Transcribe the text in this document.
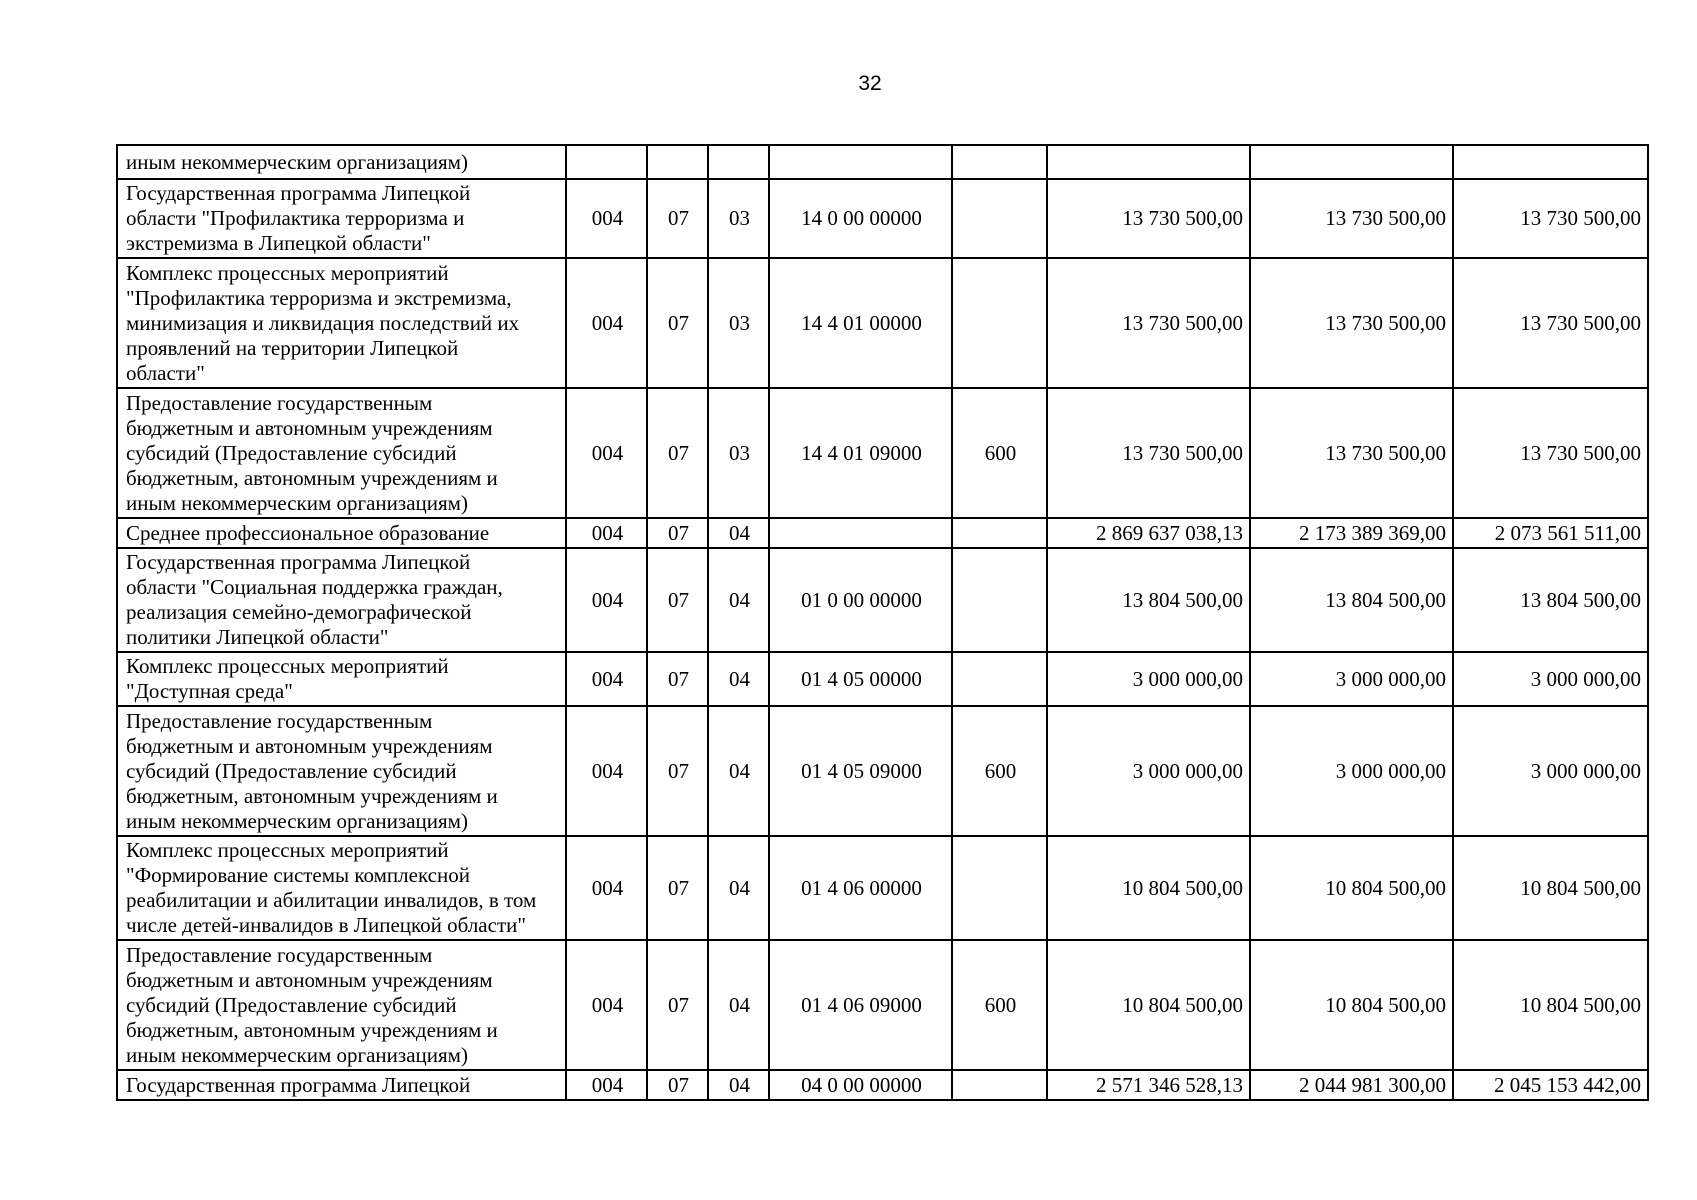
32
иным некоммерческим организациям)								

Государственная программа Липецкой
области "Профилактика терроризма и
экстремизма в Липецкой области"	004	07	03	14 0 00 00000		13 730 500,00	13 730 500,00	13 730 500,00

Комплекс процессных мероприятий
"Профилактика терроризма и экстремизма,
минимизация и ликвидация последствий их
проявлений на территории Липецкой
области"	004	07	03	14 4 01 00000		13 730 500,00	13 730 500,00	13 730 500,00

Предоставление государственным
бюджетным и автономным учреждениям
субсидий (Предоставление субсидий
бюджетным, автономным учреждениям и
иным некоммерческим организациям)	004	07	03	14 4 01 09000	600	13 730 500,00	13 730 500,00	13 730 500,00

Среднее профессиональное образование	004	07	04			2 869 637 038,13	2 173 389 369,00	2 073 561 511,00

Государственная программа Липецкой
области "Социальная поддержка граждан,
реализация семейно-демографической
политики Липецкой области"	004	07	04	01 0 00 00000		13 804 500,00	13 804 500,00	13 804 500,00

Комплекс процессных мероприятий
"Доступная среда"	004	07	04	01 4 05 00000		3 000 000,00	3 000 000,00	3 000 000,00

Предоставление государственным
бюджетным и автономным учреждениям
субсидий (Предоставление субсидий
бюджетным, автономным учреждениям и
иным некоммерческим организациям)	004	07	04	01 4 05 09000	600	3 000 000,00	3 000 000,00	3 000 000,00

Комплекс процессных мероприятий
"Формирование системы комплексной
реабилитации и абилитации инвалидов, в том
числе детей-инвалидов в Липецкой области"	004	07	04	01 4 06 00000		10 804 500,00	10 804 500,00	10 804 500,00

Предоставление государственным
бюджетным и автономным учреждениям
субсидий (Предоставление субсидий
бюджетным, автономным учреждениям и
иным некоммерческим организациям)	004	07	04	01 4 06 09000	600	10 804 500,00	10 804 500,00	10 804 500,00

Государственная программа Липецкой	004	07	04	04 0 00 00000		2 571 346 528,13	2 044 981 300,00	2 045 153 442,00
